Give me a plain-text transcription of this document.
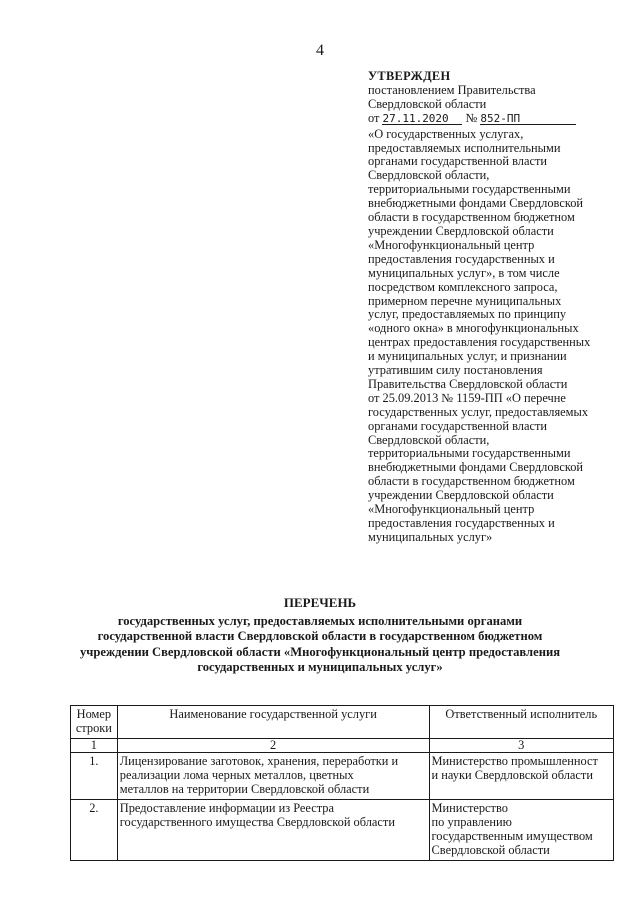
4
УТВЕРЖДЕН
постановлением Правительства
Свердловской области
от 27.11.2020 № 852-ПП
«О государственных услугах,
предоставляемых исполнительными
органами государственной власти
Свердловской области,
территориальными государственными
внебюджетными фондами Свердловской
области в государственном бюджетном
учреждении Свердловской области
«Многофункциональный центр
предоставления государственных и
муниципальных услуг», в том числе
посредством комплексного запроса,
примерном перечне муниципальных
услуг, предоставляемых по принципу
«одного окна» в многофункциональных
центрах предоставления государственных
и муниципальных услуг, и признании
утратившим силу постановления
Правительства Свердловской области
от 25.09.2013 № 1159-ПП «О перечне
государственных услуг, предоставляемых
органами государственной власти
Свердловской области,
территориальными государственными
внебюджетными фондами Свердловской
области в государственном бюджетном
учреждении Свердловской области
«Многофункциональный центр
предоставления государственных и
муниципальных услуг»
ПЕРЕЧЕНЬ
государственных услуг, предоставляемых исполнительными органами
государственной власти Свердловской области в государственном бюджетном
учреждении Свердловской области «Многофункциональный центр предоставления
государственных и муниципальных услуг»
Номер
строки	Наименование государственной услуги	Ответственный исполнитель
1	2	3
1.	Лицензирование заготовок, хранения, переработки и
реализации лома черных металлов, цветных
металлов на территории Свердловской области	Министерство промышленност
и науки Свердловской области

2.	Предоставление информации из Реестра
государственного имущества Свердловской области	Министерство
по управлению
государственным имуществом
Свердловской области
